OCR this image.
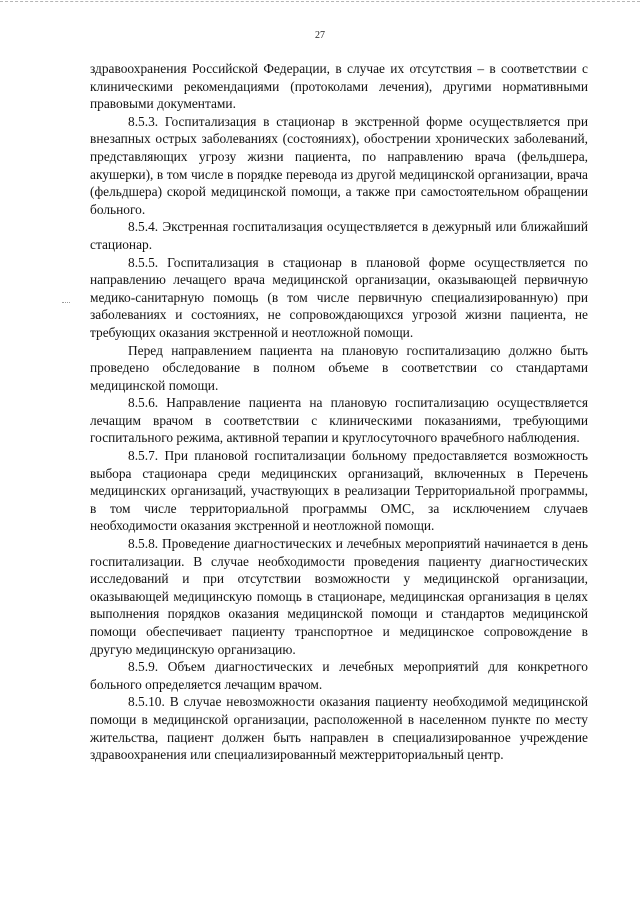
27

здравоохранения Российской Федерации, в случае их отсутствия – в соответствии с клиническими рекомендациями (протоколами лечения), другими нормативными правовыми документами.

8.5.3. Госпитализация в стационар в экстренной форме осуществляется при внезапных острых заболеваниях (состояниях), обострении хронических заболеваний, представляющих угрозу жизни пациента, по направлению врача (фельдшера, акушерки), в том числе в порядке перевода из другой медицинской организации, врача (фельдшера) скорой медицинской помощи, а также при самостоятельном обращении больного.

8.5.4. Экстренная госпитализация осуществляется в дежурный или ближайший стационар.

8.5.5. Госпитализация в стационар в плановой форме осуществляется по направлению лечащего врача медицинской организации, оказывающей первичную медико-санитарную помощь (в том числе первичную специализированную) при заболеваниях и состояниях, не сопровождающихся угрозой жизни пациента, не требующих оказания экстренной и неотложной помощи.

Перед направлением пациента на плановую госпитализацию должно быть проведено обследование в полном объеме в соответствии со стандартами медицинской помощи.

8.5.6. Направление пациента на плановую госпитализацию осуществляется лечащим врачом в соответствии с клиническими показаниями, требующими госпитального режима, активной терапии и круглосуточного врачебного наблюдения.

8.5.7. При плановой госпитализации больному предоставляется возможность выбора стационара среди медицинских организаций, включенных в Перечень медицинских организаций, участвующих в реализации Территориальной программы, в том числе территориальной программы ОМС, за исключением случаев необходимости оказания экстренной и неотложной помощи.

8.5.8. Проведение диагностических и лечебных мероприятий начинается в день госпитализации. В случае необходимости проведения пациенту диагностических исследований и при отсутствии возможности у медицинской организации, оказывающей медицинскую помощь в стационаре, медицинская организация в целях выполнения порядков оказания медицинской помощи и стандартов медицинской помощи обеспечивает пациенту транспортное и медицинское сопровождение в другую медицинскую организацию.

8.5.9. Объем диагностических и лечебных мероприятий для конкретного больного определяется лечащим врачом.

8.5.10. В случае невозможности оказания пациенту необходимой медицинской помощи в медицинской организации, расположенной в населенном пункте по месту жительства, пациент должен быть направлен в специализированное учреждение здравоохранения или специализированный межтерриториальный центр.
